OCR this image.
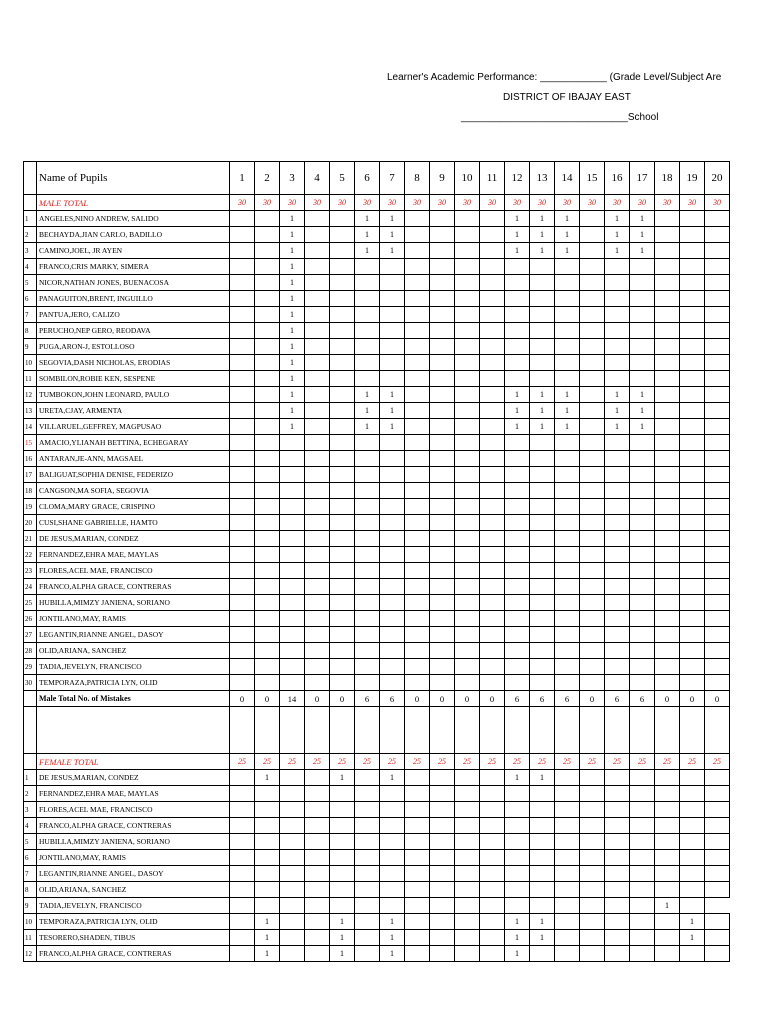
Learner's Academic Performance: ____________ (Grade Level/Subject Are
DISTRICT OF IBAJAY EAST
______________________________School
	Name of Pupils	1	2	3	4	5	6	7	8	9	10	11	12	13	14	15	16	17	18	19	20
	MALE TOTAL	30	30	30	30	30	30	30	30	30	30	30	30	30	30	30	30	30	30	30	30
1	ANGELES,NINO ANDREW, SALIDO			1			1	1					1	1	1		1	1			
2	BECHAYDA,JIAN CARLO, BADILLO			1			1	1					1	1	1		1	1			
3	CAMINO,JOEL, JR AYEN			1			1	1					1	1	1		1	1			
4	FRANCO,CRIS MARKY, SIMERA			1																	
5	NICOR,NATHAN JONES, BUENACOSA			1																	
6	PANAGUITON,BRENT, INGUILLO			1																	
7	PANTUA,JERO, CALIZO			1																	
8	PERUCHO,NEP GERO, REODAVA			1																	
9	PUGA,ARON-J, ESTOLLOSO			1																	
10	SEGOVIA,DASH NICHOLAS, ERODIAS			1																	
11	SOMBILON,ROBIE KEN, SESPENE			1																	
12	TUMBOKON,JOHN LEONARD, PAULO			1			1	1					1	1	1		1	1			
13	URETA,CJAY, ARMENTA			1			1	1					1	1	1		1	1			
14	VILLARUEL,GEFFREY, MAGPUSAO			1			1	1					1	1	1		1	1			
15	AMACIO,YLIANAH BETTINA, ECHEGARAY																				
16	ANTARAN,JE-ANN, MAGSAEL																				
17	BALIGUAT,SOPHIA DENISE, FEDERIZO																				
18	CANGSON,MA SOFIA, SEGOVIA																				
19	CLOMA,MARY GRACE, CRISPINO																				
20	CUSI,SHANE GABRIELLE, HAMTO																				
21	DE JESUS,MARIAN, CONDEZ																				
22	FERNANDEZ,EHRA MAE, MAYLAS																				
23	FLORES,ACEL MAE, FRANCISCO																				
24	FRANCO,ALPHA GRACE, CONTRERAS																				
25	HUBILLA,MIMZY JANIENA, SORIANO																				
26	JONTILANO,MAY, RAMIS																				
27	LEGANTIN,RIANNE ANGEL, DASOY																				
28	OLID,ARIANA, SANCHEZ																				
29	TADIA,JEVELYN, FRANCISCO																				
30	TEMPORAZA,PATRICIA LYN, OLID																				
	Male Total No. of Mistakes	0	0	14	0	0	6	6	0	0	0	0	6	6	6	0	6	6	0	0	0

	FEMALE TOTAL	25	25	25	25	25	25	25	25	25	25	25	25	25	25	25	25	25	25	25	25
1	DE JESUS,MARIAN, CONDEZ		1			1		1					1	1							
2	FERNANDEZ,EHRA MAE, MAYLAS																				
3	FLORES,ACEL MAE, FRANCISCO																				
4	FRANCO,ALPHA GRACE, CONTRERAS																				
5	HUBILLA,MIMZY JANIENA, SORIANO																				
6	JONTILANO,MAY, RAMIS																				
7	LEGANTIN,RIANNE ANGEL, DASOY																				
8	OLID,ARIANA, SANCHEZ																				
9	TADIA,JEVELYN, FRANCISCO																		1		
10	TEMPORAZA,PATRICIA LYN, OLID		1			1		1					1	1						1	
11	TESORERO,SHADEN, TIBUS		1			1		1					1	1						1	
12	FRANCO,ALPHA GRACE, CONTRERAS		1			1		1					1								
